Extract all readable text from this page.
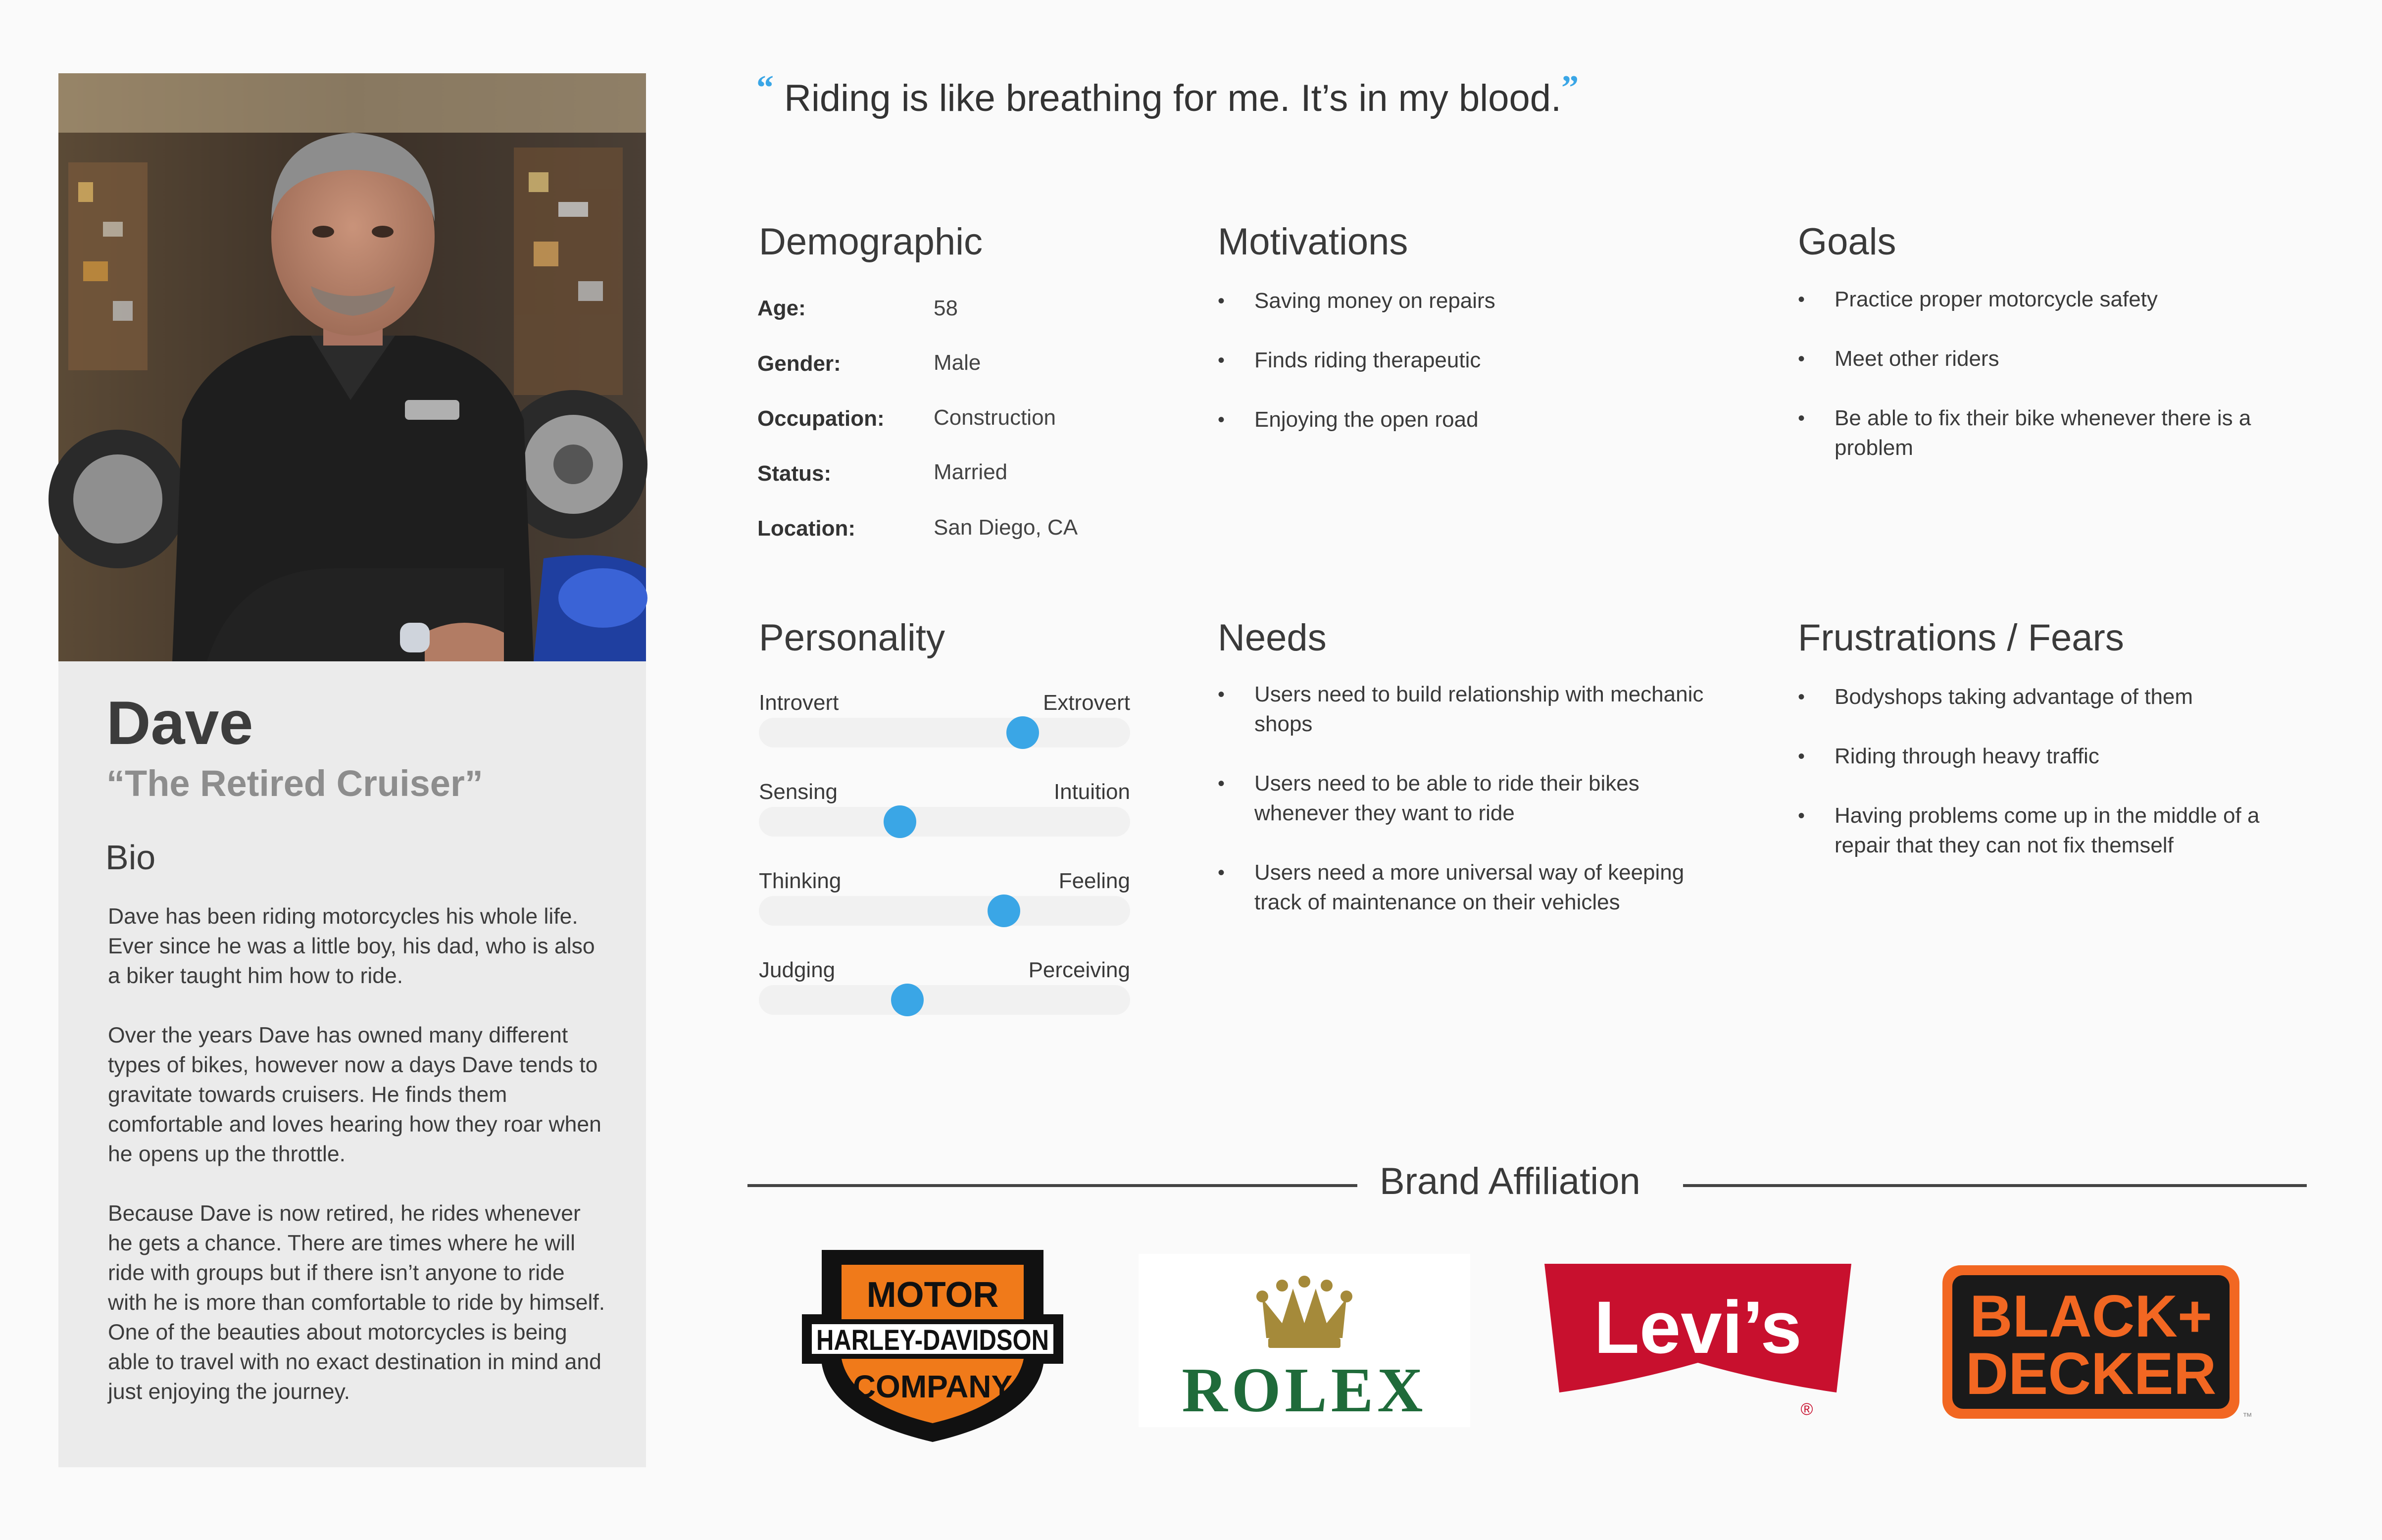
Dave
“The Retired Cruiser”
Bio

Dave has been riding motorcycles his whole life. Ever since he was a little boy, his dad, who is also a biker taught him how to ride.

Over the years Dave has owned many different types of bikes, however now a days Dave tends to gravitate towards cruisers. He finds them comfortable and loves hearing how they roar when he opens up the throttle.

Because Dave is now retired, he rides whenever he gets a chance. There are times where he will ride with groups but if there isn’t anyone to ride with he is more than comfortable to ride by himself. One of the beauties about motorcycles is being able to travel with no exact destination in mind and just enjoying the journey.

“ Riding is like breathing for me. It’s in my blood.”
Demographic
Age:	58
Gender:	Male
Occupation: Construction
Status:	Married
Location:	San Diego, CA
Motivations
•	Saving money on repairs
•	Finds riding therapeutic
•	Enjoying the open road
Goals
•	Practice proper motorcycle safety
•	Meet other riders
•	Be able to fix their bike whenever there is a problem
Personality
Introvert	Extrovert
Sensing	Intuition
Thinking	Feeling
Judging	Perceiving
Needs
•	Users need to build relationship with mechanic shops
•	Users need to be able to ride their bikes whenever they want to ride
•	Users need a more universal way of keeping track of maintenance on their vehicles
Frustrations / Fears
•	Bodyshops taking advantage of them
•	Riding through heavy traffic
•	Having problems come up in the middle of a repair that they can not fix themself
Brand Affiliation
MOTOR
HARLEY-DAVIDSON
COMPANY	ROLEX
Levi’s
®
BLACK+
DECKER
™
